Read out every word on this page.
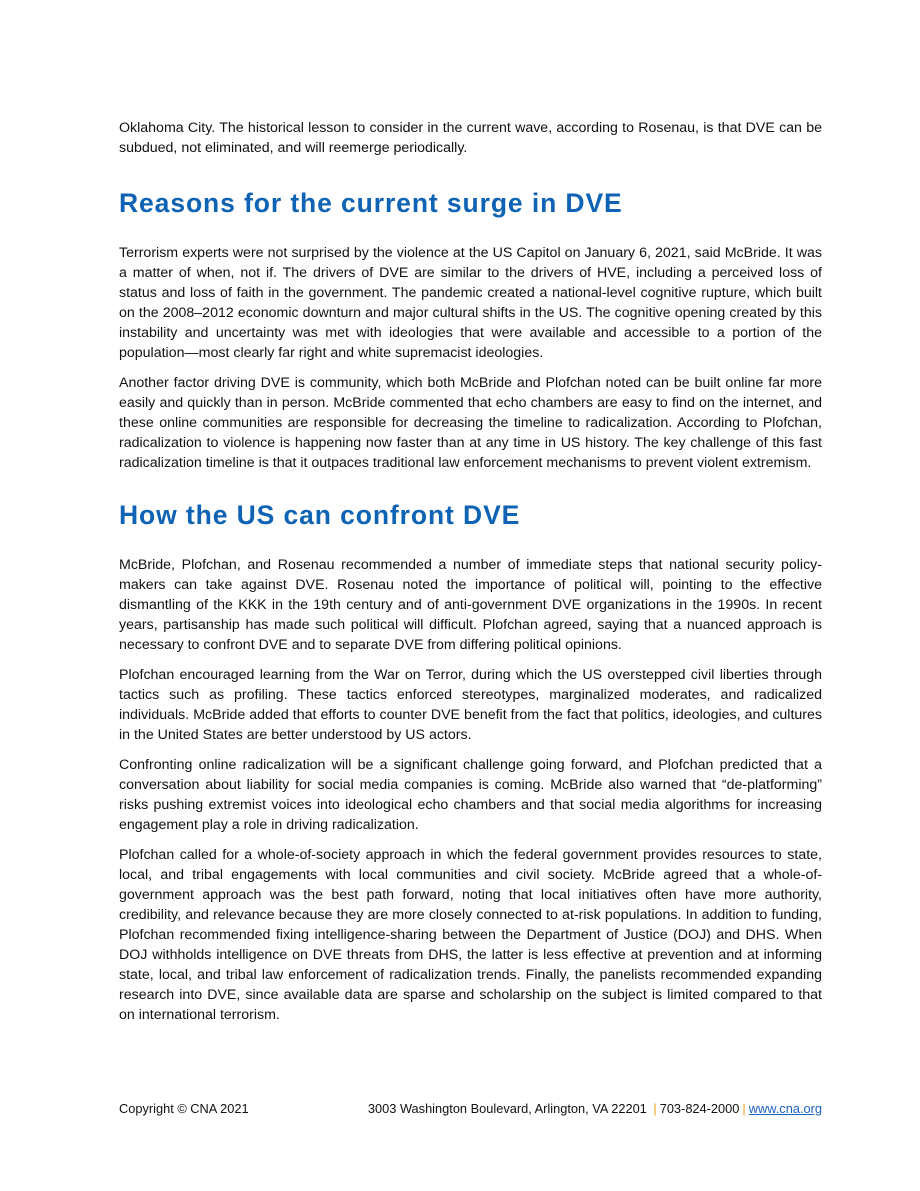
Oklahoma City. The historical lesson to consider in the current wave, according to Rosenau, is that DVE can be subdued, not eliminated, and will reemerge periodically.

Reasons for the current surge in DVE

Terrorism experts were not surprised by the violence at the US Capitol on January 6, 2021, said McBride. It was a matter of when, not if. The drivers of DVE are similar to the drivers of HVE, including a perceived loss of status and loss of faith in the government. The pandemic created a national-level cognitive rupture, which built on the 2008–2012 economic downturn and major cultural shifts in the US. The cognitive opening created by this instability and uncertainty was met with ideologies that were available and accessible to a portion of the population—most clearly far right and white supremacist ideologies.

Another factor driving DVE is community, which both McBride and Plofchan noted can be built online far more easily and quickly than in person. McBride commented that echo chambers are easy to find on the internet, and these online communities are responsible for decreasing the timeline to radicalization. According to Plofchan, radicalization to violence is happening now faster than at any time in US history. The key challenge of this fast radicalization timeline is that it outpaces traditional law enforcement mechanisms to prevent violent extremism.

How the US can confront DVE

McBride, Plofchan, and Rosenau recommended a number of immediate steps that national security policy-makers can take against DVE. Rosenau noted the importance of political will, pointing to the effective dismantling of the KKK in the 19th century and of anti-government DVE organizations in the 1990s. In recent years, partisanship has made such political will difficult. Plofchan agreed, saying that a nuanced approach is necessary to confront DVE and to separate DVE from differing political opinions.

Plofchan encouraged learning from the War on Terror, during which the US overstepped civil liberties through tactics such as profiling. These tactics enforced stereotypes, marginalized moderates, and radicalized individuals. McBride added that efforts to counter DVE benefit from the fact that politics, ideologies, and cultures in the United States are better understood by US actors.

Confronting online radicalization will be a significant challenge going forward, and Plofchan predicted that a conversation about liability for social media companies is coming. McBride also warned that “de-platforming” risks pushing extremist voices into ideological echo chambers and that social media algorithms for increasing engagement play a role in driving radicalization.

Plofchan called for a whole-of-society approach in which the federal government provides resources to state, local, and tribal engagements with local communities and civil society. McBride agreed that a whole-of-government approach was the best path forward, noting that local initiatives often have more authority, credibility, and relevance because they are more closely connected to at-risk populations. In addition to funding, Plofchan recommended fixing intelligence-sharing between the Department of Justice (DOJ) and DHS. When DOJ withholds intelligence on DVE threats from DHS, the latter is less effective at prevention and at informing state, local, and tribal law enforcement of radicalization trends. Finally, the panelists recommended expanding research into DVE, since available data are sparse and scholarship on the subject is limited compared to that on international terrorism.

Copyright © CNA 2021	3003 Washington Boulevard, Arlington, VA 22201 | 703-824-2000 | www.cna.org
